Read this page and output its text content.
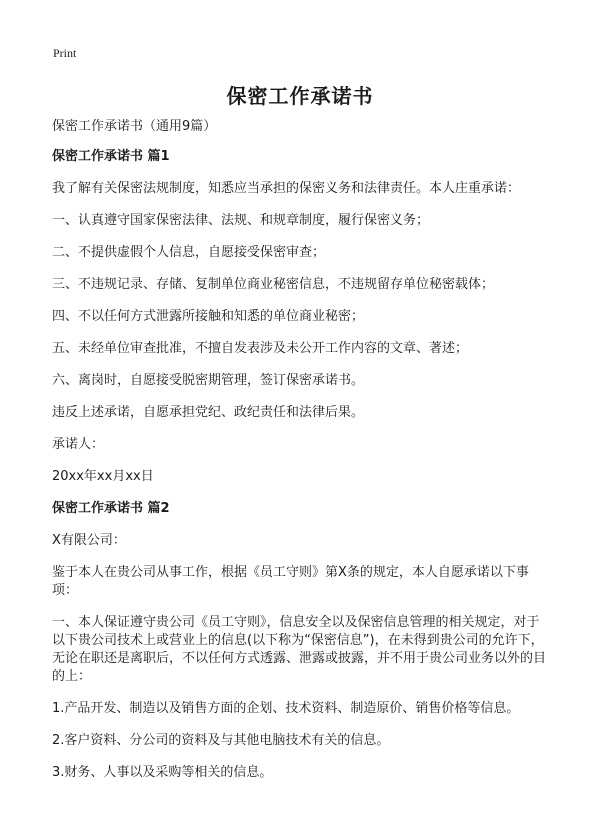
Print
保密工作承诺书

保密工作承诺书（通用9篇）

保密工作承诺书 篇1

我了解有关保密法规制度，知悉应当承担的保密义务和法律责任。本人庄重承诺：

一、认真遵守国家保密法律、法规、和规章制度，履行保密义务；

二、不提供虚假个人信息，自愿接受保密审查；

三、不违规记录、存储、复制单位商业秘密信息，不违规留存单位秘密载体；

四、不以任何方式泄露所接触和知悉的单位商业秘密；

五、未经单位审查批准，不擅自发表涉及未公开工作内容的文章、著述；

六、离岗时，自愿接受脱密期管理，签订保密承诺书。

违反上述承诺，自愿承担党纪、政纪责任和法律后果。

承诺人：

20xx年xx月xx日

保密工作承诺书 篇2

X有限公司：

鉴于本人在贵公司从事工作，根据《员工守则》第X条的规定，本人自愿承诺以下事项：

一、本人保证遵守贵公司《员工守则》，信息安全以及保密信息管理的相关规定，对于以下贵公司技术上或营业上的信息(以下称为“保密信息”)，在未得到贵公司的允许下，无论在职还是离职后，不以任何方式透露、泄露或披露，并不用于贵公司业务以外的目的上：

1.产品开发、制造以及销售方面的企划、技术资料、制造原价、销售价格等信息。

2.客户资料、分公司的资料及与其他电脑技术有关的信息。

3.财务、人事以及采购等相关的信息。
